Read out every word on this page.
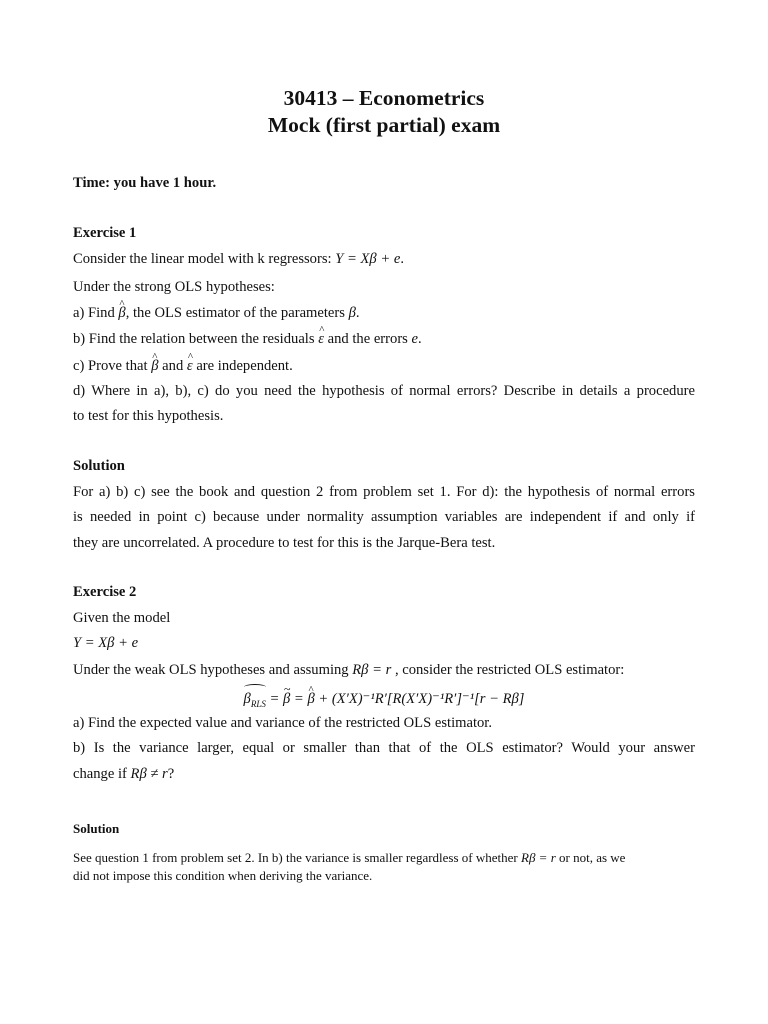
30413 – Econometrics

Mock (first partial) exam

Time: you have 1 hour.

Exercise 1

Consider the linear model with k regressors: Y = Xβ + e.

Under the strong OLS hypotheses:

a) Find ^ β, the OLS estimator of the parameters β.

b) Find the relation between the residuals ^ ε and the errors e.

c) Prove that ^ β and ^ ε are independent.

d) Where in a), b), c) do you need the hypothesis of normal errors? Describe in details a procedure

to test for this hypothesis.

Solution

For a) b) c) see the book and question 2 from problem set 1. For d): the hypothesis of normal errors

is needed in point c) because under normality assumption variables are independent if and only if

they are uncorrelated. A procedure to test for this is the Jarque-Bera test.

Exercise 2

Given the model

Y = Xβ + e

Under the weak OLS hypotheses and assuming Rβ = r , consider the restricted OLS estimator:

$\beta_{RLS}$ = ~ β = ^ β + (X′X)⁻¹R′[R(X′X)⁻¹R′]⁻¹[r − Rβ]

a) Find the expected value and variance of the restricted OLS estimator.

b) Is the variance larger, equal or smaller than that of the OLS estimator? Would your answer

change if Rβ ≠ r?

Solution

See question 1 from problem set 2. In b) the variance is smaller regardless of whether Rβ = r or not, as we

did not impose this condition when deriving the variance.
